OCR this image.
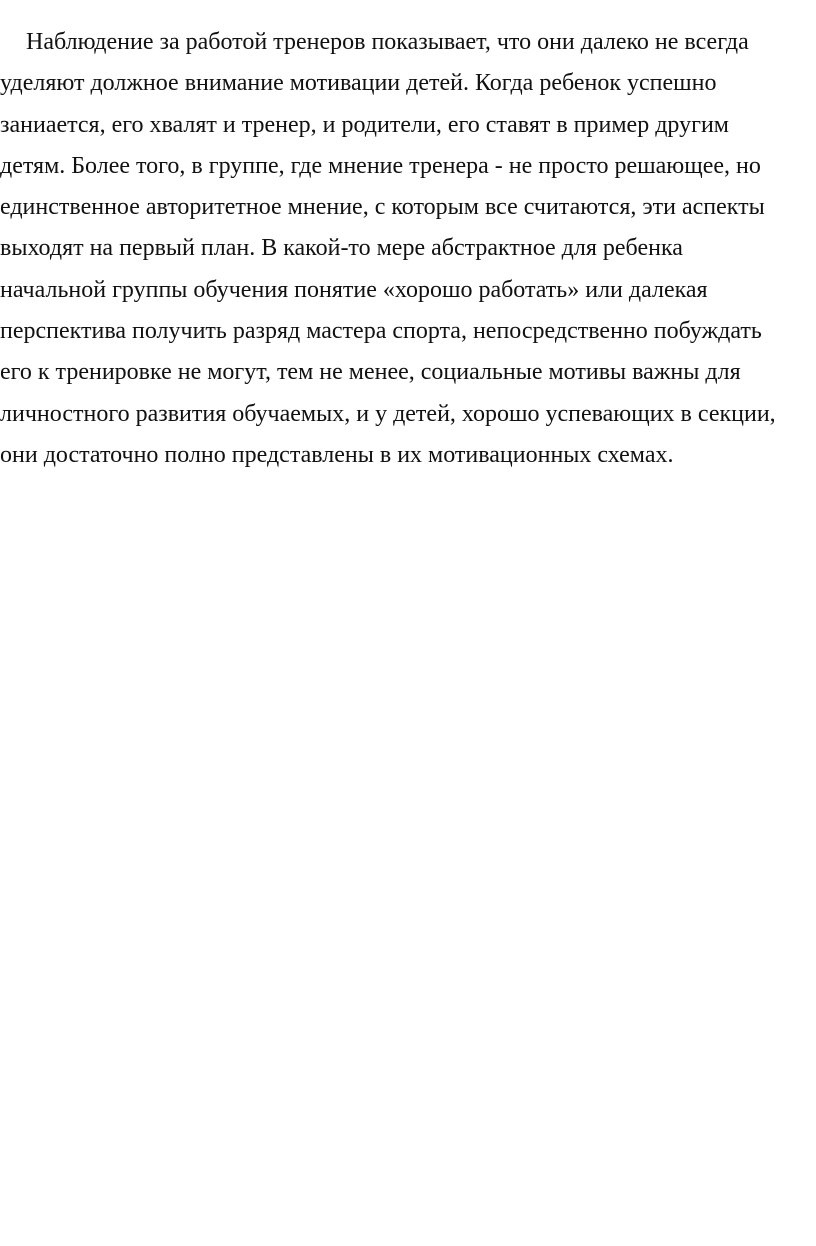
Наблюдение за работой тренеров показывает, что они далеко не всегда
уделяют должное внимание мотивации детей. Когда ребенок успешно
заниается, его хвалят и тренер, и родители, его ставят в пример другим
детям. Более того, в группе, где мнение тренера - не просто решающее, но
единственное авторитетное мнение, с которым все считаются, эти аспекты
выходят на первый план. В какой-то мере абстрактное для ребенка
начальной группы обучения понятие «хорошо работать» или далекая
перспектива получить разряд мастера спорта, непосредственно побуждать
его к тренировке не могут, тем не менее, социальные мотивы важны для
личностного развития обучаемых, и у детей, хорошо успевающих в секции,
они достаточно полно представлены в их мотивационных схемах.
